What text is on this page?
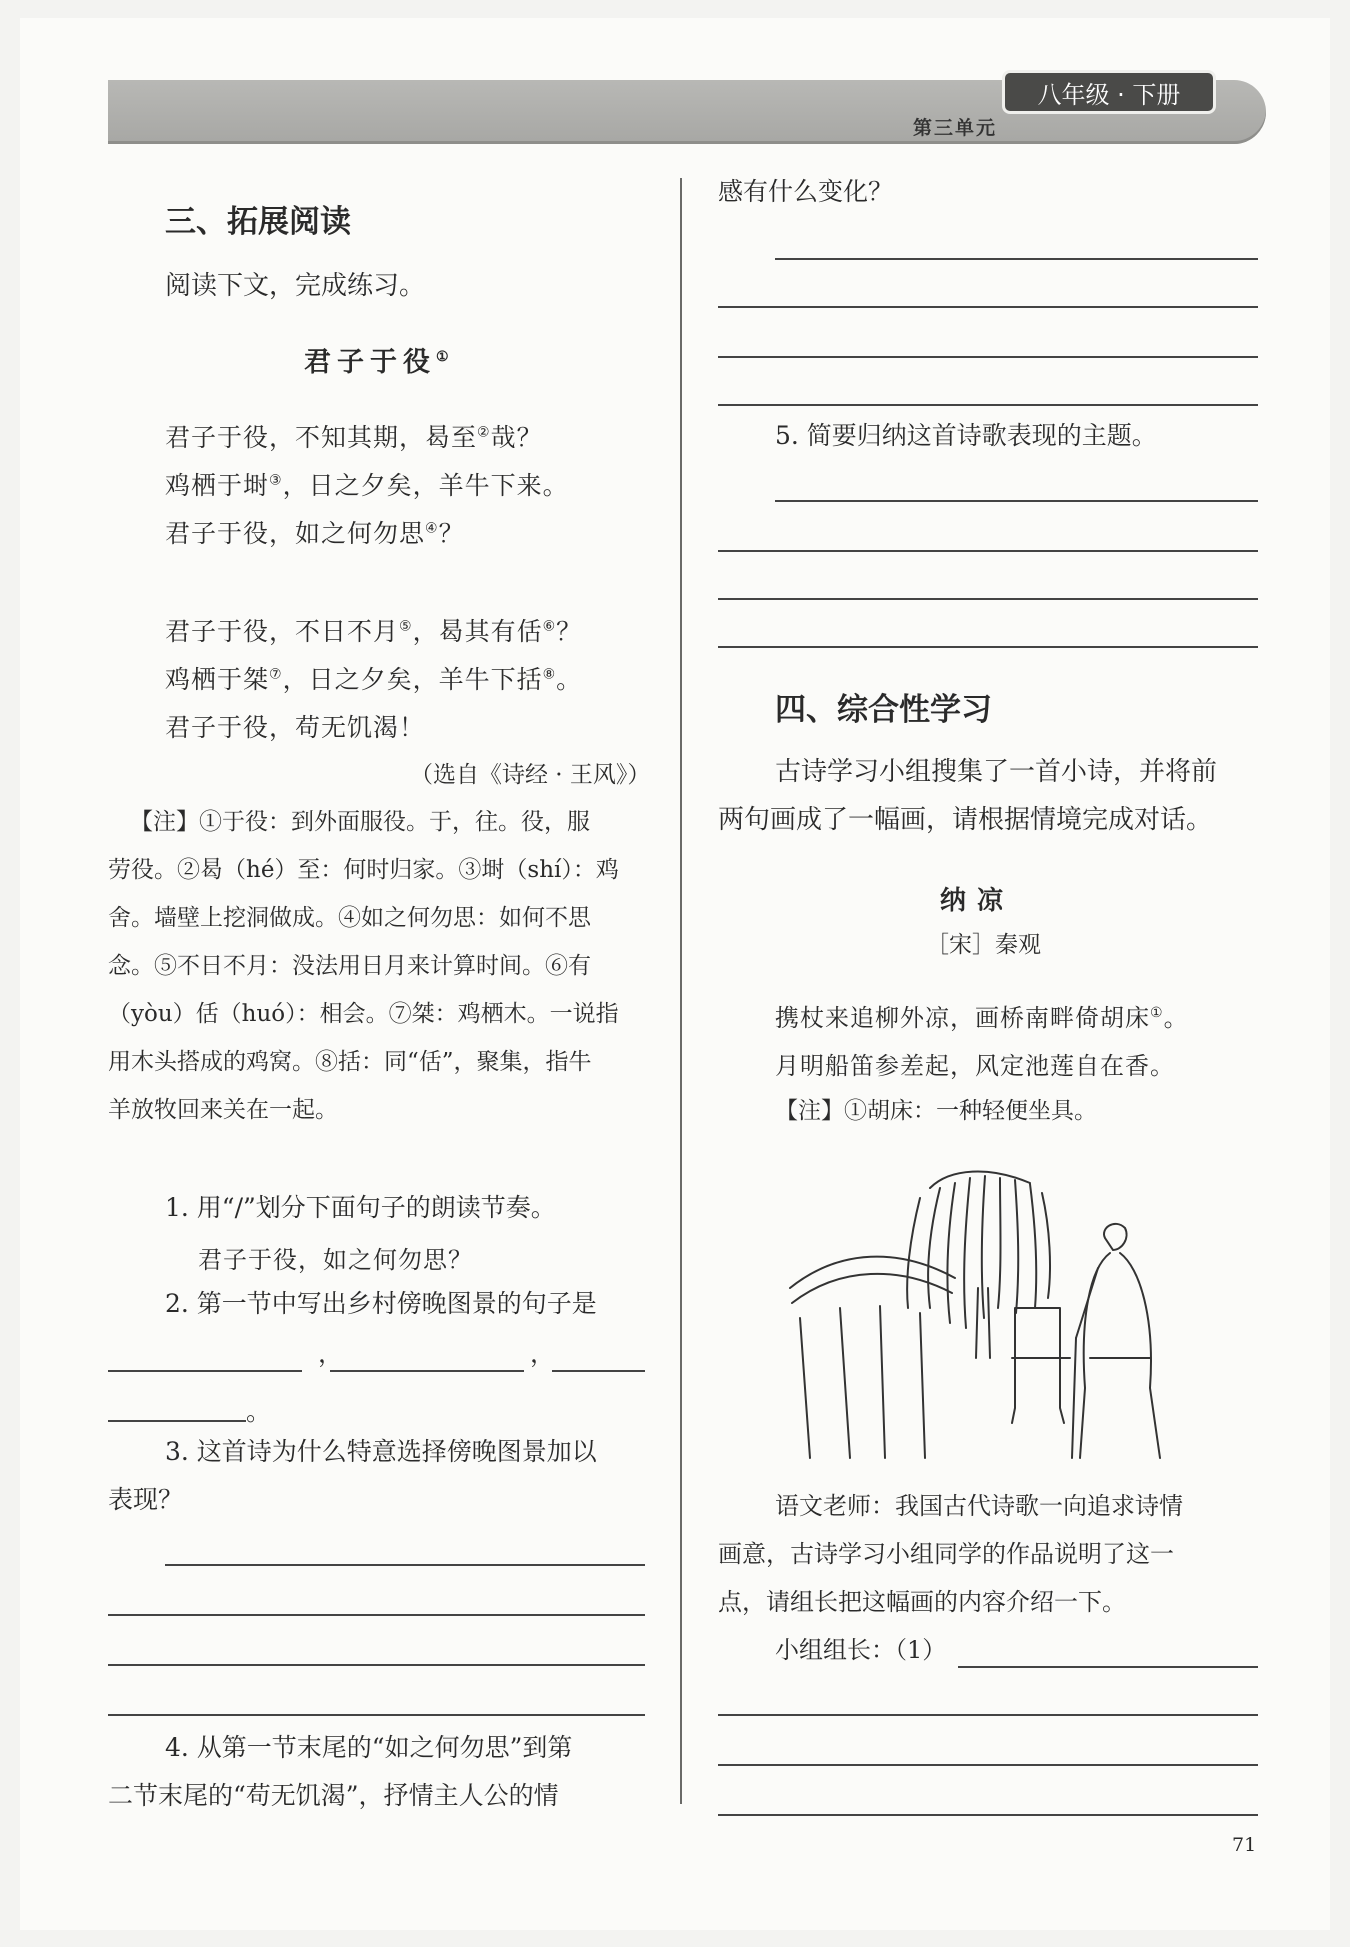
八年级 · 下册
第三单元
三、拓展阅读
阅读下文，完成练习。
君子于役①
君子于役，不知其期，曷至②哉？
鸡栖于埘③，日之夕矣，羊牛下来。
君子于役，如之何勿思④？
君子于役，不日不月⑤，曷其有佸⑥？
鸡栖于桀⑦，日之夕矣，羊牛下括⑧。
君子于役，苟无饥渴！
（选自《诗经 · 王风》）
【注】①于役：到外面服役。于，往。役，服
劳役。②曷（hé）至：何时归家。③埘（shí）：鸡
舍。墙壁上挖洞做成。④如之何勿思：如何不思
念。⑤不日不月：没法用日月来计算时间。⑥有
（yòu）佸（huó）：相会。⑦桀：鸡栖木。一说指
用木头搭成的鸡窝。⑧括：同“佸”，聚集，指牛
羊放牧回来关在一起。
1. 用“/”划分下面句子的朗读节奏。
君子于役，如之何勿思？
2. 第一节中写出乡村傍晚图景的句子是
，	，
。
3. 这首诗为什么特意选择傍晚图景加以
表现？
4. 从第一节末尾的“如之何勿思”到第
二节末尾的“苟无饥渴”，抒情主人公的情
感有什么变化？
5. 简要归纳这首诗歌表现的主题。
四、综合性学习
古诗学习小组搜集了一首小诗，并将前
两句画成了一幅画，请根据情境完成对话。
纳 凉
［宋］秦观
携杖来追柳外凉，画桥南畔倚胡床①。
月明船笛参差起，风定池莲自在香。
【注】①胡床：一种轻便坐具。
语文老师：我国古代诗歌一向追求诗情
画意，古诗学习小组同学的作品说明了这一
点，请组长把这幅画的内容介绍一下。
小组组长：（1）
71
